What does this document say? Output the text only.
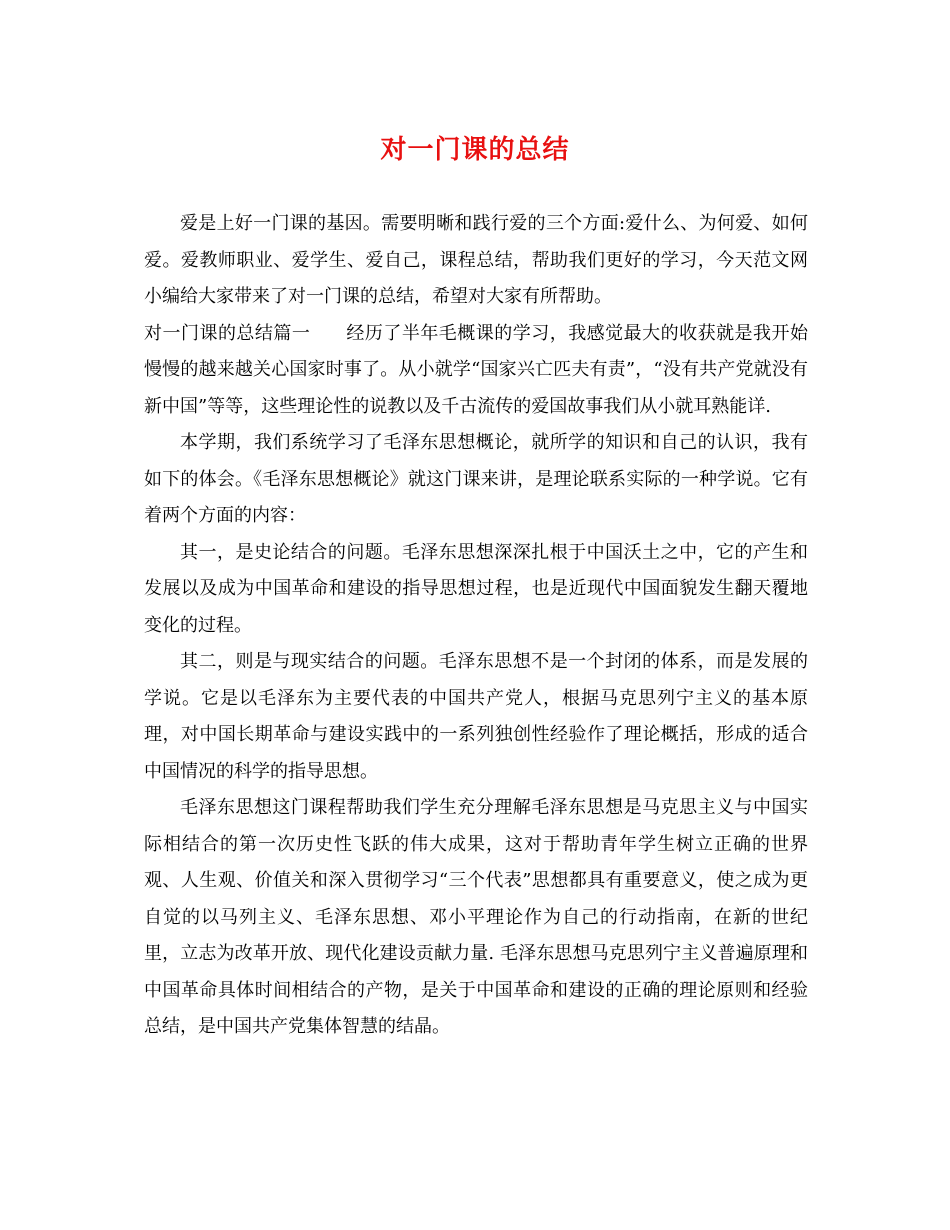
对一门课的总结

爱是上好一门课的基因。需要明晰和践行爱的三个方面:爱什么、为何爱、如何爱。爱教师职业、爱学生、爱自己，课程总结，帮助我们更好的学习，今天范文网小编给大家带来了对一门课的总结，希望对大家有所帮助。

对一门课的总结篇一 经历了半年毛概课的学习，我感觉最大的收获就是我开始慢慢的越来越关心国家时事了。从小就学“国家兴亡匹夫有责”，“没有共产党就没有新中国”等等，这些理论性的说教以及千古流传的爱国故事我们从小就耳熟能详.

本学期，我们系统学习了毛泽东思想概论，就所学的知识和自己的认识，我有如下的体会。《毛泽东思想概论》就这门课来讲，是理论联系实际的一种学说。它有着两个方面的内容：

其一，是史论结合的问题。毛泽东思想深深扎根于中国沃土之中，它的产生和发展以及成为中国革命和建设的指导思想过程，也是近现代中国面貌发生翻天覆地变化的过程。

其二，则是与现实结合的问题。毛泽东思想不是一个封闭的体系，而是发展的学说。它是以毛泽东为主要代表的中国共产党人，根据马克思列宁主义的基本原理，对中国长期革命与建设实践中的一系列独创性经验作了理论概括，形成的适合中国情况的科学的指导思想。

毛泽东思想这门课程帮助我们学生充分理解毛泽东思想是马克思主义与中国实际相结合的第一次历史性飞跃的伟大成果，这对于帮助青年学生树立正确的世界观、人生观、价值关和深入贯彻学习“三个代表”思想都具有重要意义，使之成为更自觉的以马列主义、毛泽东思想、邓小平理论作为自己的行动指南，在新的世纪里，立志为改革开放、现代化建设贡献力量. 毛泽东思想马克思列宁主义普遍原理和中国革命具体时间相结合的产物，是关于中国革命和建设的正确的理论原则和经验总结，是中国共产党集体智慧的结晶。
